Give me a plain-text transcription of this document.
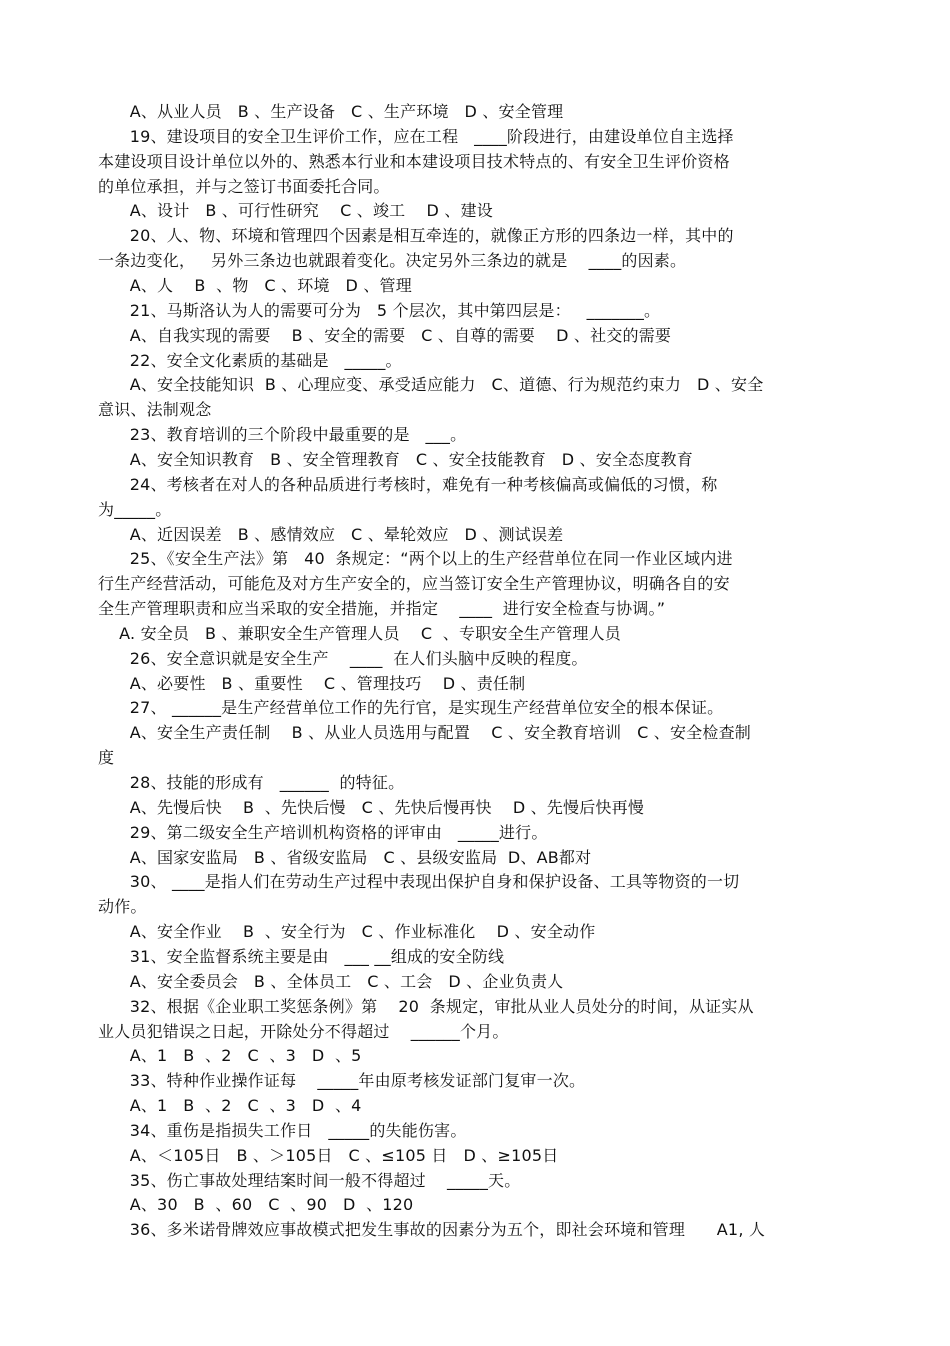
A、从业人员   B 、生产设备   C 、生产环境   D 、安全管理
19、建设项目的安全卫生评价工作，应在工程   ____阶段进行，由建设单位自主选择
本建设项目设计单位以外的、熟悉本行业和本建设项目技术特点的、有安全卫生评价资格
的单位承担，并与之签订书面委托合同。
A、设计   B 、可行性研究    C 、竣工    D 、建设
20、人、物、环境和管理四个因素是相互牵连的，就像正方形的四条边一样，其中的
一条边变化，   另外三条边也就跟着变化。决定另外三条边的就是    ____的因素。
A、人    B  、物   C 、环境   D 、管理
21、马斯洛认为人的需要可分为   5 个层次，其中第四层是：   _______。
A、自我实现的需要    B 、安全的需要   C 、自尊的需要    D 、社交的需要
22、安全文化素质的基础是   _____。
A、安全技能知识  B 、心理应变、承受适应能力   C、道德、行为规范约束力   D 、安全
意识、法制观念
23、教育培训的三个阶段中最重要的是   ___。
A、安全知识教育   B 、安全管理教育   C 、安全技能教育   D 、安全态度教育
24、考核者在对人的各种品质进行考核时，难免有一种考核偏高或偏低的习惯，称
为_____。
A、近因误差   B 、感情效应   C 、晕轮效应   D 、测试误差
25、《安全生产法》第   40  条规定：“两个以上的生产经营单位在同一作业区域内进
行生产经营活动，可能危及对方生产安全的，应当签订安全生产管理协议，明确各自的安
全生产管理职责和应当采取的安全措施，并指定    ____  进行安全检查与协调。”
A. 安全员   B 、兼职安全生产管理人员    C  、专职安全生产管理人员
26、安全意识就是安全生产    ____  在人们头脑中反映的程度。
A、必要性   B 、重要性    C 、管理技巧    D 、责任制
27、 ______是生产经营单位工作的先行官，是实现生产经营单位安全的根本保证。
A、安全生产责任制    B 、从业人员选用与配置    C 、安全教育培训   C 、安全检查制
度
28、技能的形成有   ______  的特征。
A、先慢后快    B  、先快后慢   C 、先快后慢再快    D 、先慢后快再慢
29、第二级安全生产培训机构资格的评审由   _____进行。
A、国家安监局   B 、省级安监局   C 、县级安监局  D、AB都对
30、 ____是指人们在劳动生产过程中表现出保护自身和保护设备、工具等物资的一切
动作。
A、安全作业    B  、安全行为   C 、作业标准化    D 、安全动作
31、安全监督系统主要是由   ___ __组成的安全防线
A、安全委员会   B 、全体员工   C 、工会   D 、企业负责人
32、根据《企业职工奖惩条例》第    20  条规定，审批从业人员处分的时间，从证实从
业人员犯错误之日起，开除处分不得超过    ______个月。
A、1   B  、2   C  、3   D  、5
33、特种作业操作证每    _____年由原考核发证部门复审一次。
A、1   B  、2   C  、3   D  、4
34、重伤是指损失工作日   _____的失能伤害。
A、＜105日   B 、＞105日   C 、≤105 日   D 、≥105日
35、伤亡事故处理结案时间一般不得超过    _____天。
A、30   B  、60   C  、90   D  、120
36、多米诺骨牌效应事故模式把发生事故的因素分为五个，即社会环境和管理      A1, 人
